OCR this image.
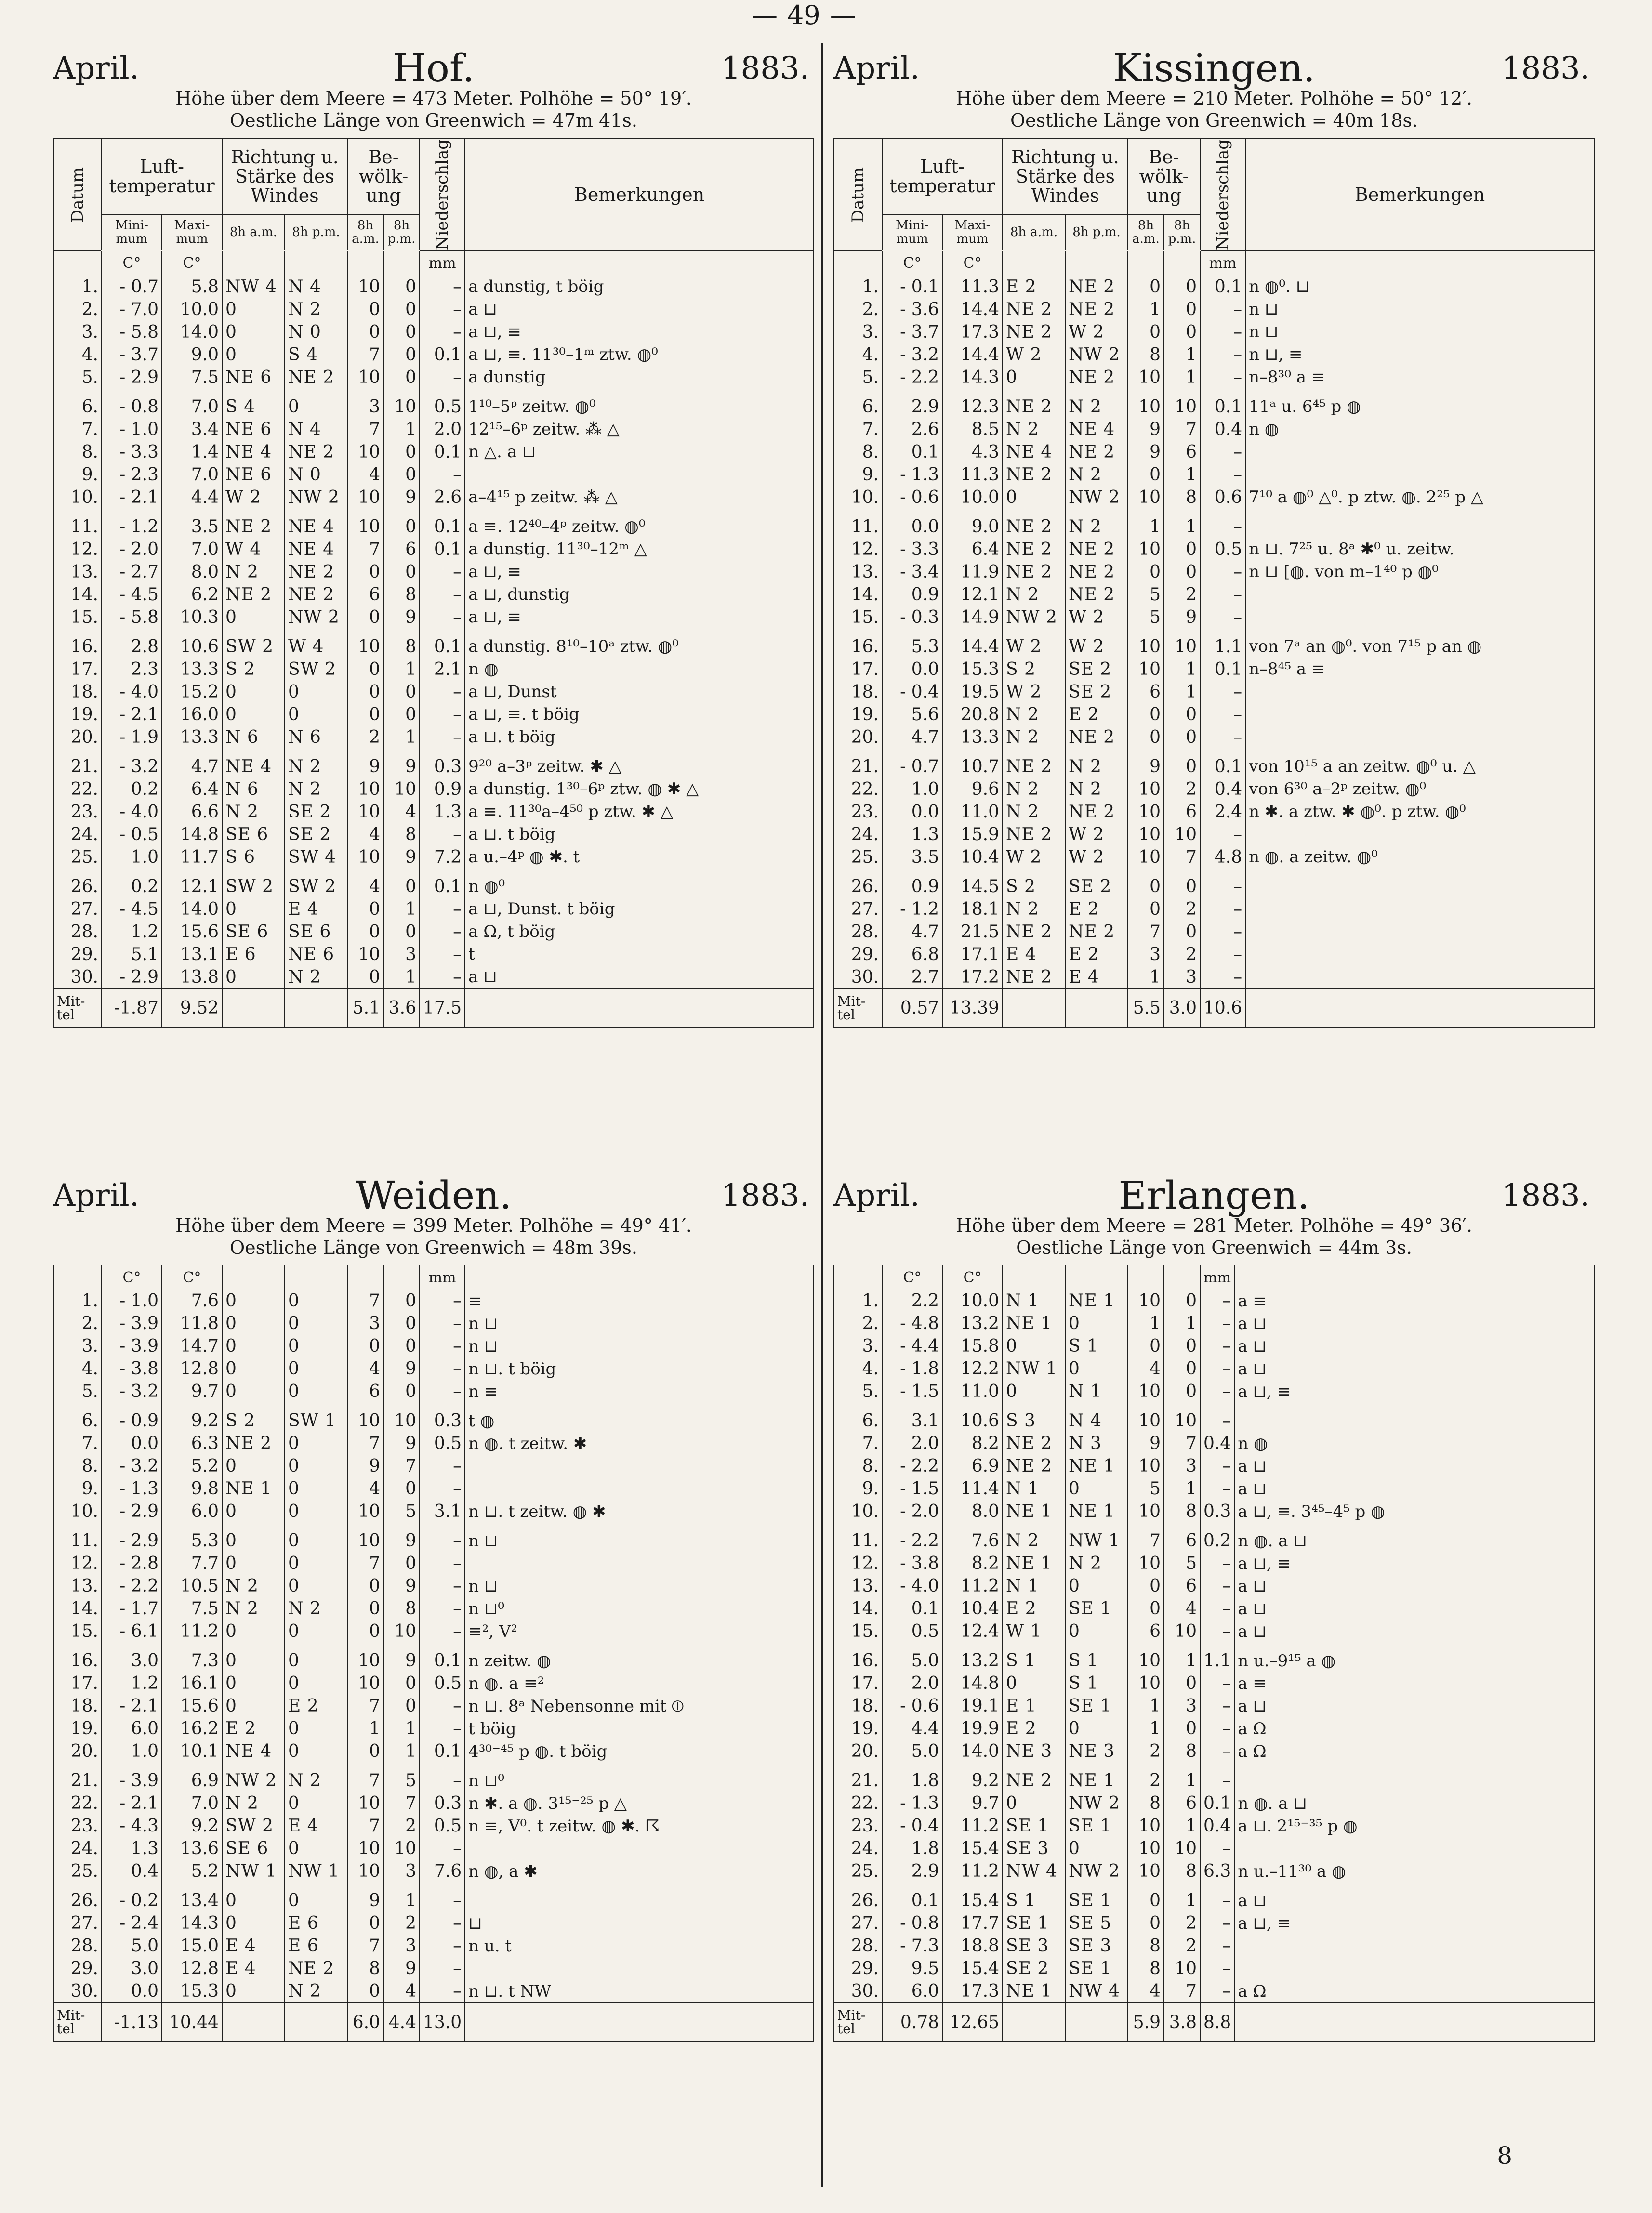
— 49 —
April.	Hof.	1883.
Höhe über dem Meere = 473 Meter. Polhöhe = 50° 19′.
Oestliche Länge von Greenwich = 47m 41s.
Datum	Luft- temperatur		Richtung u. Stärke des Windes		Be- wölk- ung		Niederschlag	Bemerkungen
	Mini- mum	Maxi- mum	8h a.m.	8h p.m.	8h a.m.	8h p.m.		
	C°	C°					mm	
1.	- 0.7	5.8	NW 4	N 4	10	0	–	a dunstig, t böig
2.	- 7.0	10.0	0	N 2	0	0	–	a ⊔
3.	- 5.8	14.0	0	N 0	0	0	–	a ⊔, ≡
4.	- 3.7	9.0	0	S 4	7	0	0.1	a ⊔, ≡. 11³⁰–1ᵐ ztw. ◍⁰
5.	- 2.9	7.5	NE 6	NE 2	10	0	–	a dunstig

6.	- 0.8	7.0	S 4	0	3	10	0.5	1¹⁰–5ᵖ zeitw. ◍⁰
7.	- 1.0	3.4	NE 6	N 4	7	1	2.0	12¹⁵–6ᵖ zeitw. ⁂ △
8.	- 3.3	1.4	NE 4	NE 2	10	0	0.1	n △. a ⊔
9.	- 2.3	7.0	NE 6	N 0	4	0	–	
10.	- 2.1	4.4	W 2	NW 2	10	9	2.6	a–4¹⁵ p zeitw. ⁂ △

11.	- 1.2	3.5	NE 2	NE 4	10	0	0.1	a ≡. 12⁴⁰–4ᵖ zeitw. ◍⁰
12.	- 2.0	7.0	W 4	NE 4	7	6	0.1	a dunstig. 11³⁰–12ᵐ △
13.	- 2.7	8.0	N 2	NE 2	0	0	–	a ⊔, ≡
14.	- 4.5	6.2	NE 2	NE 2	6	8	–	a ⊔, dunstig
15.	- 5.8	10.3	0	NW 2	0	9	–	a ⊔, ≡

16.	2.8	10.6	SW 2	W 4	10	8	0.1	a dunstig. 8¹⁰–10ᵃ ztw. ◍⁰
17.	2.3	13.3	S 2	SW 2	0	1	2.1	n ◍
18.	- 4.0	15.2	0	0	0	0	–	a ⊔, Dunst
19.	- 2.1	16.0	0	0	0	0	–	a ⊔, ≡. t böig
20.	- 1.9	13.3	N 6	N 6	2	1	–	a ⊔. t böig

21.	- 3.2	4.7	NE 4	N 2	9	9	0.3	9²⁰ a–3ᵖ zeitw. ✱ △
22.	0.2	6.4	N 6	N 2	10	10	0.9	a dunstig. 1³⁰–6ᵖ ztw. ◍ ✱ △
23.	- 4.0	6.6	N 2	SE 2	10	4	1.3	a ≡. 11³⁰a–4⁵⁰ p ztw. ✱ △
24.	- 0.5	14.8	SE 6	SE 2	4	8	–	a ⊔. t böig
25.	1.0	11.7	S 6	SW 4	10	9	7.2	a u.–4ᵖ ◍ ✱. t

26.	0.2	12.1	SW 2	SW 2	4	0	0.1	n ◍⁰
27.	- 4.5	14.0	0	E 4	0	1	–	a ⊔, Dunst. t böig
28.	1.2	15.6	SE 6	SE 6	0	0	–	a Ω, t böig
29.	5.1	13.1	E 6	NE 6	10	3	–	t
30.	- 2.9	13.8	0	N 2	0	1	–	a ⊔
Mit- tel	-1.87	9.52			5.1	3.6	17.5	
April.	Kissingen.	1883.
Höhe über dem Meere = 210 Meter. Polhöhe = 50° 12′.
Oestliche Länge von Greenwich = 40m 18s.
Datum	Luft- temperatur		Richtung u. Stärke des Windes		Be- wölk- ung		Niederschlag	Bemerkungen
	Mini- mum	Maxi- mum	8h a.m.	8h p.m.	8h a.m.	8h p.m.		
	C°	C°					mm	
1.	- 0.1	11.3	E 2	NE 2	0	0	0.1	n ◍⁰. ⊔
2.	- 3.6	14.4	NE 2	NE 2	1	0	–	n ⊔
3.	- 3.7	17.3	NE 2	W 2	0	0	–	n ⊔
4.	- 3.2	14.4	W 2	NW 2	8	1	–	n ⊔, ≡
5.	- 2.2	14.3	0	NE 2	10	1	–	n–8³⁰ a ≡

6.	2.9	12.3	NE 2	N 2	10	10	0.1	11ᵃ u. 6⁴⁵ p ◍
7.	2.6	8.5	N 2	NE 4	9	7	0.4	n ◍
8.	0.1	4.3	NE 4	NE 2	9	6	–	
9.	- 1.3	11.3	NE 2	N 2	0	1	–	
10.	- 0.6	10.0	0	NW 2	10	8	0.6	7¹⁰ a ◍⁰ △⁰. p ztw. ◍. 2²⁵ p △

11.	0.0	9.0	NE 2	N 2	1	1	–	
12.	- 3.3	6.4	NE 2	NE 2	10	0	0.5	n ⊔. 7²⁵ u. 8ᵃ ✱⁰ u. zeitw.
13.	- 3.4	11.9	NE 2	NE 2	0	0	–	n ⊔ [◍. von m–1⁴⁰ p ◍⁰
14.	0.9	12.1	N 2	NE 2	5	2	–	
15.	- 0.3	14.9	NW 2	W 2	5	9	–	

16.	5.3	14.4	W 2	W 2	10	10	1.1	von 7ᵃ an ◍⁰. von 7¹⁵ p an ◍
17.	0.0	15.3	S 2	SE 2	10	1	0.1	n–8⁴⁵ a ≡
18.	- 0.4	19.5	W 2	SE 2	6	1	–	
19.	5.6	20.8	N 2	E 2	0	0	–	
20.	4.7	13.3	N 2	NE 2	0	0	–	

21.	- 0.7	10.7	NE 2	N 2	9	0	0.1	von 10¹⁵ a an zeitw. ◍⁰ u. △
22.	1.0	9.6	N 2	N 2	10	2	0.4	von 6³⁰ a–2ᵖ zeitw. ◍⁰
23.	0.0	11.0	N 2	NE 2	10	6	2.4	n ✱. a ztw. ✱ ◍⁰. p ztw. ◍⁰
24.	1.3	15.9	NE 2	W 2	10	10	–	
25.	3.5	10.4	W 2	W 2	10	7	4.8	n ◍. a zeitw. ◍⁰

26.	0.9	14.5	S 2	SE 2	0	0	–	
27.	- 1.2	18.1	N 2	E 2	0	2	–	
28.	4.7	21.5	NE 2	NE 2	7	0	–	
29.	6.8	17.1	E 4	E 2	3	2	–	
30.	2.7	17.2	NE 2	E 4	1	3	–	
Mit- tel	0.57	13.39			5.5	3.0	10.6	
April.	Weiden.	1883.
Höhe über dem Meere = 399 Meter. Polhöhe = 49° 41′.
Oestliche Länge von Greenwich = 48m 39s.
	C°	C°					mm	
1.	- 1.0	7.6	0	0	7	0	–	≡
2.	- 3.9	11.8	0	0	3	0	–	n ⊔
3.	- 3.9	14.7	0	0	0	0	–	n ⊔
4.	- 3.8	12.8	0	0	4	9	–	n ⊔. t böig
5.	- 3.2	9.7	0	0	6	0	–	n ≡

6.	- 0.9	9.2	S 2	SW 1	10	10	0.3	t ◍
7.	0.0	6.3	NE 2	0	7	9	0.5	n ◍. t zeitw. ✱
8.	- 3.2	5.2	0	0	9	7	–	
9.	- 1.3	9.8	NE 1	0	4	0	–	
10.	- 2.9	6.0	0	0	10	5	3.1	n ⊔. t zeitw. ◍ ✱

11.	- 2.9	5.3	0	0	10	9	–	n ⊔
12.	- 2.8	7.7	0	0	7	0	–	
13.	- 2.2	10.5	N 2	0	0	9	–	n ⊔
14.	- 1.7	7.5	N 2	N 2	0	8	–	n ⊔⁰
15.	- 6.1	11.2	0	0	0	10	–	≡², V²

16.	3.0	7.3	0	0	10	9	0.1	n zeitw. ◍
17.	1.2	16.1	0	0	10	0	0.5	n ◍. a ≡²
18.	- 2.1	15.6	0	E 2	7	0	–	n ⊔. 8ᵃ Nebensonne mit ⦶
19.	6.0	16.2	E 2	0	1	1	–	t böig
20.	1.0	10.1	NE 4	0	0	1	0.1	4³⁰⁻⁴⁵ p ◍. t böig

21.	- 3.9	6.9	NW 2	N 2	7	5	–	n ⊔⁰
22.	- 2.1	7.0	N 2	0	10	7	0.3	n ✱. a ◍. 3¹⁵⁻²⁵ p △
23.	- 4.3	9.2	SW 2	E 4	7	2	0.5	n ≡, V⁰. t zeitw. ◍ ✱. ☈
24.	1.3	13.6	SE 6	0	10	10	–	
25.	0.4	5.2	NW 1	NW 1	10	3	7.6	n ◍, a ✱

26.	- 0.2	13.4	0	0	9	1	–	
27.	- 2.4	14.3	0	E 6	0	2	–	⊔
28.	5.0	15.0	E 4	E 6	7	3	–	n u. t
29.	3.0	12.8	E 4	NE 2	8	9	–	
30.	0.0	15.3	0	N 2	0	4	–	n ⊔. t NW
Mit- tel	-1.13	10.44			6.0	4.4	13.0	
April.	Erlangen.	1883.
Höhe über dem Meere = 281 Meter. Polhöhe = 49° 36′.
Oestliche Länge von Greenwich = 44m 3s.
	C°	C°					mm	
1.	2.2	10.0	N 1	NE 1	10	0	–	a ≡
2.	- 4.8	13.2	NE 1	0	1	1	–	a ⊔
3.	- 4.4	15.8	0	S 1	0	0	–	a ⊔
4.	- 1.8	12.2	NW 1	0	4	0	–	a ⊔
5.	- 1.5	11.0	0	N 1	10	0	–	a ⊔, ≡

6.	3.1	10.6	S 3	N 4	10	10	–	
7.	2.0	8.2	NE 2	N 3	9	7	0.4	n ◍
8.	- 2.2	6.9	NE 2	NE 1	10	3	–	a ⊔
9.	- 1.5	11.4	N 1	0	5	1	–	a ⊔
10.	- 2.0	8.0	NE 1	NE 1	10	8	0.3	a ⊔, ≡. 3⁴⁵–4⁵ p ◍

11.	- 2.2	7.6	N 2	NW 1	7	6	0.2	n ◍. a ⊔
12.	- 3.8	8.2	NE 1	N 2	10	5	–	a ⊔, ≡
13.	- 4.0	11.2	N 1	0	0	6	–	a ⊔
14.	0.1	10.4	E 2	SE 1	0	4	–	a ⊔
15.	0.5	12.4	W 1	0	6	10	–	a ⊔

16.	5.0	13.2	S 1	S 1	10	1	1.1	n u.–9¹⁵ a ◍
17.	2.0	14.8	0	S 1	10	0	–	a ≡
18.	- 0.6	19.1	E 1	SE 1	1	3	–	a ⊔
19.	4.4	19.9	E 2	0	1	0	–	a Ω
20.	5.0	14.0	NE 3	NE 3	2	8	–	a Ω

21.	1.8	9.2	NE 2	NE 1	2	1	–	
22.	- 1.3	9.7	0	NW 2	8	6	0.1	n ◍. a ⊔
23.	- 0.4	11.2	SE 1	SE 1	10	1	0.4	a ⊔. 2¹⁵⁻³⁵ p ◍
24.	1.8	15.4	SE 3	0	10	10	–	
25.	2.9	11.2	NW 4	NW 2	10	8	6.3	n u.–11³⁰ a ◍

26.	0.1	15.4	S 1	SE 1	0	1	–	a ⊔
27.	- 0.8	17.7	SE 1	SE 5	0	2	–	a ⊔, ≡
28.	- 7.3	18.8	SE 3	SE 3	8	2	–	
29.	9.5	15.4	SE 2	SE 1	8	10	–	
30.	6.0	17.3	NE 1	NW 4	4	7	–	a Ω
Mit- tel	0.78	12.65			5.9	3.8	8.8	
8
